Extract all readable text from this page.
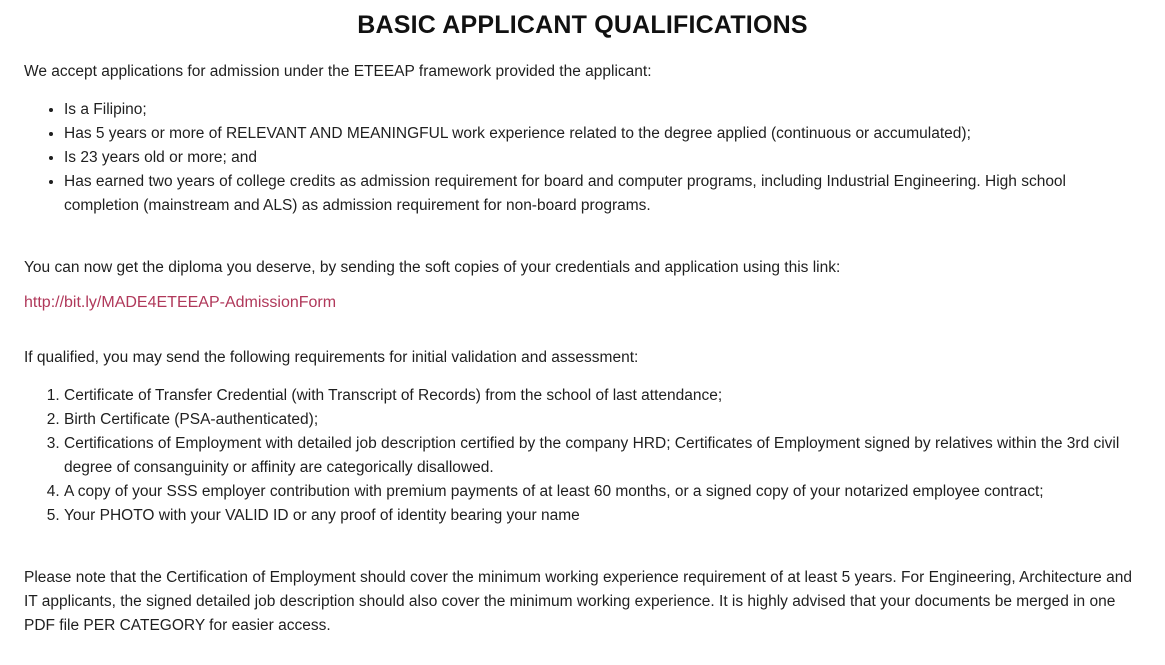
BASIC APPLICANT QUALIFICATIONS

We accept applications for admission under the ETEEAP framework provided the applicant:

• Is a Filipino;
• Has 5 years or more of RELEVANT AND MEANINGFUL work experience related to the degree applied (continuous or accumulated);
• Is 23 years old or more; and
• Has earned two years of college credits as admission requirement for board and computer programs, including Industrial Engineering. High school completion (mainstream and ALS) as admission requirement for non-board programs.

You can now get the diploma you deserve, by sending the soft copies of your credentials and application using this link:

http://bit.ly/MADE4ETEEAP-AdmissionForm

If qualified, you may send the following requirements for initial validation and assessment:

1. Certificate of Transfer Credential (with Transcript of Records) from the school of last attendance;
2. Birth Certificate (PSA-authenticated);
3. Certifications of Employment with detailed job description certified by the company HRD; Certificates of Employment signed by relatives within the 3rd civil degree of consanguinity or affinity are categorically disallowed.
4. A copy of your SSS employer contribution with premium payments of at least 60 months, or a signed copy of your notarized employee contract;
5. Your PHOTO with your VALID ID or any proof of identity bearing your name

Please note that the Certification of Employment should cover the minimum working experience requirement of at least 5 years. For Engineering, Architecture and IT applicants, the signed detailed job description should also cover the minimum working experience. It is highly advised that your documents be merged in one PDF file PER CATEGORY for easier access.
